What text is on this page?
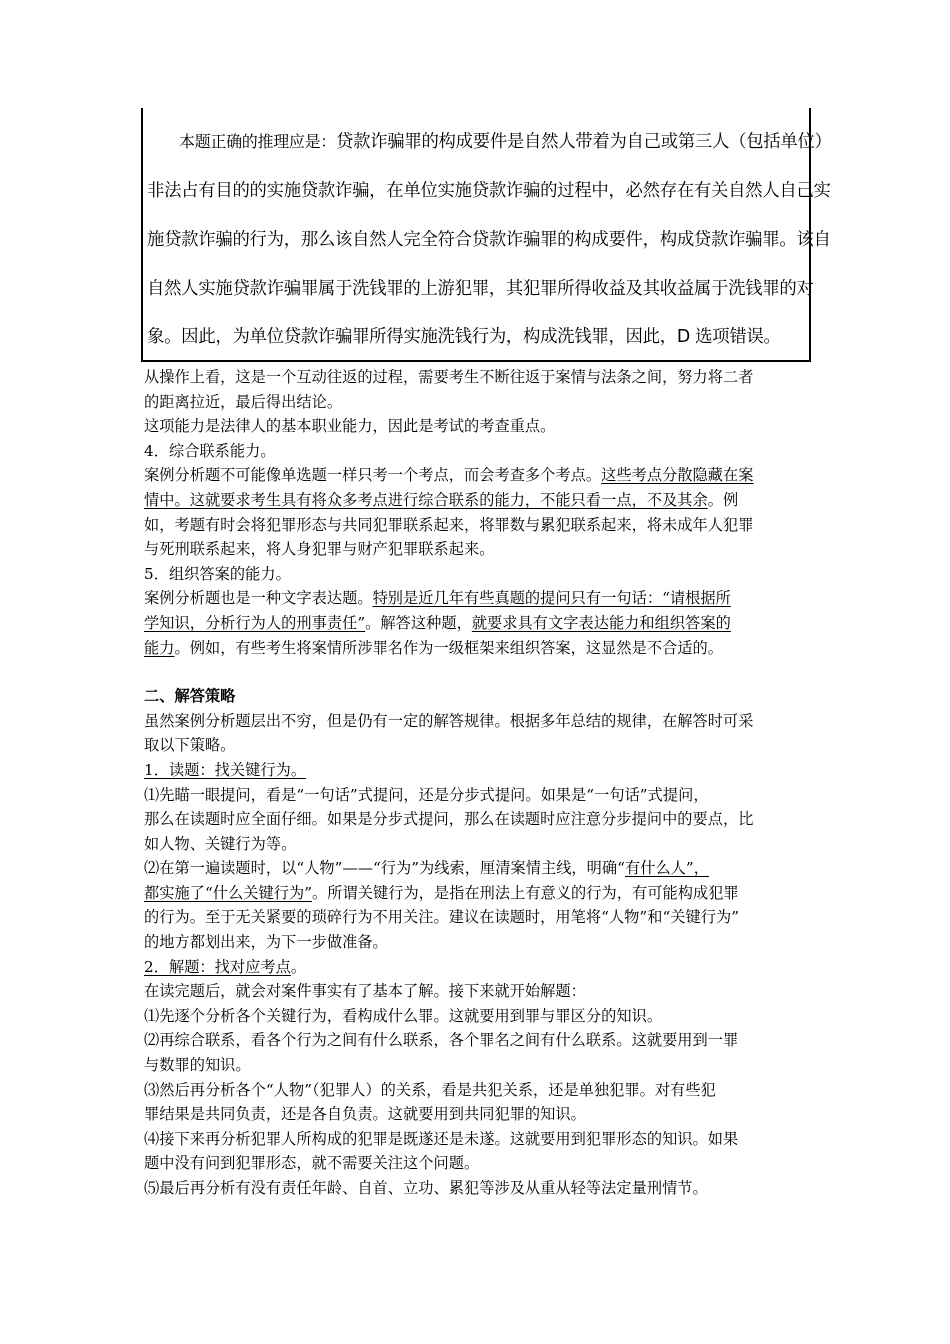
本题正确的推理应是：贷款诈骗罪的构成要件是自然人带着为自己或第三人（包括单位）

非法占有目的的实施贷款诈骗，在单位实施贷款诈骗的过程中，必然存在有关自然人自己实

施贷款诈骗的行为，那么该自然人完全符合贷款诈骗罪的构成要件，构成贷款诈骗罪。该自

自然人实施贷款诈骗罪属于洗钱罪的上游犯罪，其犯罪所得收益及其收益属于洗钱罪的对

象。因此，为单位贷款诈骗罪所得实施洗钱行为，构成洗钱罪，因此，D 选项错误。

从操作上看，这是一个互动往返的过程，需要考生不断往返于案情与法条之间，努力将二者
的距离拉近，最后得出结论。
这项能力是法律人的基本职业能力，因此是考试的考查重点。
4．综合联系能力。
案例分析题不可能像单选题一样只考一个考点，而会考查多个考点。这些考点分散隐藏在案
情中。这就要求考生具有将众多考点进行综合联系的能力，不能只看一点，不及其余。例
如，考题有时会将犯罪形态与共同犯罪联系起来，将罪数与累犯联系起来，将未成年人犯罪
与死刑联系起来，将人身犯罪与财产犯罪联系起来。
5．组织答案的能力。
案例分析题也是一种文字表达题。特别是近几年有些真题的提问只有一句话：“请根据所
学知识，分析行为人的刑事责任”。解答这种题，就要求具有文字表达能力和组织答案的
能力。例如，有些考生将案情所涉罪名作为一级框架来组织答案，这显然是不合适的。
二、解答策略
虽然案例分析题层出不穷，但是仍有一定的解答规律。根据多年总结的规律，在解答时可采
取以下策略。
1．读题：找关键行为。
⑴先瞄一眼提问，看是“一句话”式提问，还是分步式提问。如果是“一句话”式提问，
那么在读题时应全面仔细。如果是分步式提问，那么在读题时应注意分步提问中的要点，比
如人物、关键行为等。
⑵在第一遍读题时，以“人物”——“行为”为线索，厘清案情主线，明确“有什么人”，
都实施了“什么关键行为”。所谓关键行为，是指在刑法上有意义的行为，有可能构成犯罪
的行为。至于无关紧要的琐碎行为不用关注。建议在读题时，用笔将“人物”和“关键行为”
的地方都划出来，为下一步做准备。
2．解题：找对应考点。
在读完题后，就会对案件事实有了基本了解。接下来就开始解题：
⑴先逐个分析各个关键行为，看构成什么罪。这就要用到罪与罪区分的知识。
⑵再综合联系，看各个行为之间有什么联系，各个罪名之间有什么联系。这就要用到一罪
与数罪的知识。
⑶然后再分析各个“人物”（犯罪人）的关系，看是共犯关系，还是单独犯罪。对有些犯
罪结果是共同负责，还是各自负责。这就要用到共同犯罪的知识。
⑷接下来再分析犯罪人所构成的犯罪是既遂还是未遂。这就要用到犯罪形态的知识。如果
题中没有问到犯罪形态，就不需要关注这个问题。
⑸最后再分析有没有责任年龄、自首、立功、累犯等涉及从重从轻等法定量刑情节。
